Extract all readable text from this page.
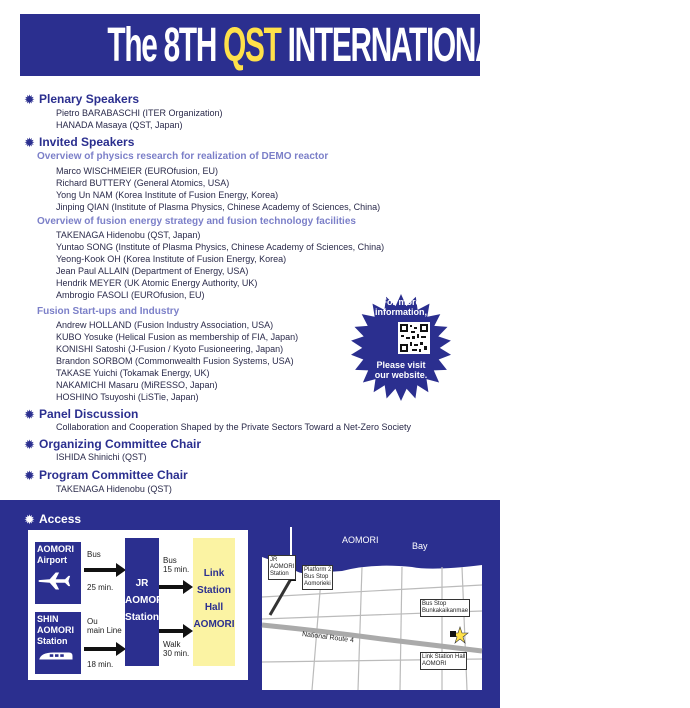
The 8TH QST INTERNATIONAL SYMPOSIUM
✹ Plenary Speakers
Pietro BARABASCHI (ITER Organization)
HANADA Masaya (QST, Japan)
✹ Invited Speakers
Overview of physics research for realization of DEMO reactor
Marco WISCHMEIER (EUROfusion, EU)
Richard BUTTERY (General Atomics, USA)
Yong Un NAM (Korea Institute of Fusion Energy, Korea)
Jinping QIAN (Institute of Plasma Physics, Chinese Academy of Sciences, China)
Overview of fusion energy strategy and fusion technology facilities
TAKENAGA Hidenobu (QST, Japan)
Yuntao SONG (Institute of Plasma Physics, Chinese Academy of Sciences, China)
Yeong-Kook OH (Korea Institute of Fusion Energy, Korea)
Jean Paul ALLAIN (Department of Energy, USA)
Hendrik MEYER (UK Atomic Energy Authority, UK)
Ambrogio FASOLI (EUROfusion, EU)
Fusion Start-ups and Industry
Andrew HOLLAND (Fusion Industry Association, USA)
KUBO Yosuke (Helical Fusion as membership of FIA, Japan)
KONISHI Satoshi (J-Fusion / Kyoto Fusioneering, Japan)
Brandon SORBOM (Commonwealth Fusion Systems, USA)
TAKASE Yuichi (Tokamak Energy, UK)
NAKAMICHI Masaru (MiRESSO, Japan)
HOSHINO Tsuyoshi (LiSTie, Japan)
For more
information,
Please visit
our website.
✹ Panel Discussion
Collaboration and Cooperation Shaped by the Private Sectors Toward a Net-Zero Society
✹ Organizing Committee Chair
ISHIDA Shinichi (QST)
✹ Program Committee Chair
TAKENAGA Hidenobu (QST)
✹ Access
AOMORI
Airport
Bus
25 min.
SHIN
AOMORI
Station
Ou
main Line
18 min.
JR
AOMORI
Station
Bus
15 min.
Walk
30 min.
Link
Station
Hall
AOMORI
AOMORI
Bay
JR
AOMORI
Station
Platform 2
Bus Stop
Aomorieki
Bus Stop
Bunkakaikanmae
National Route 4
Link Station Hall
AOMORI
